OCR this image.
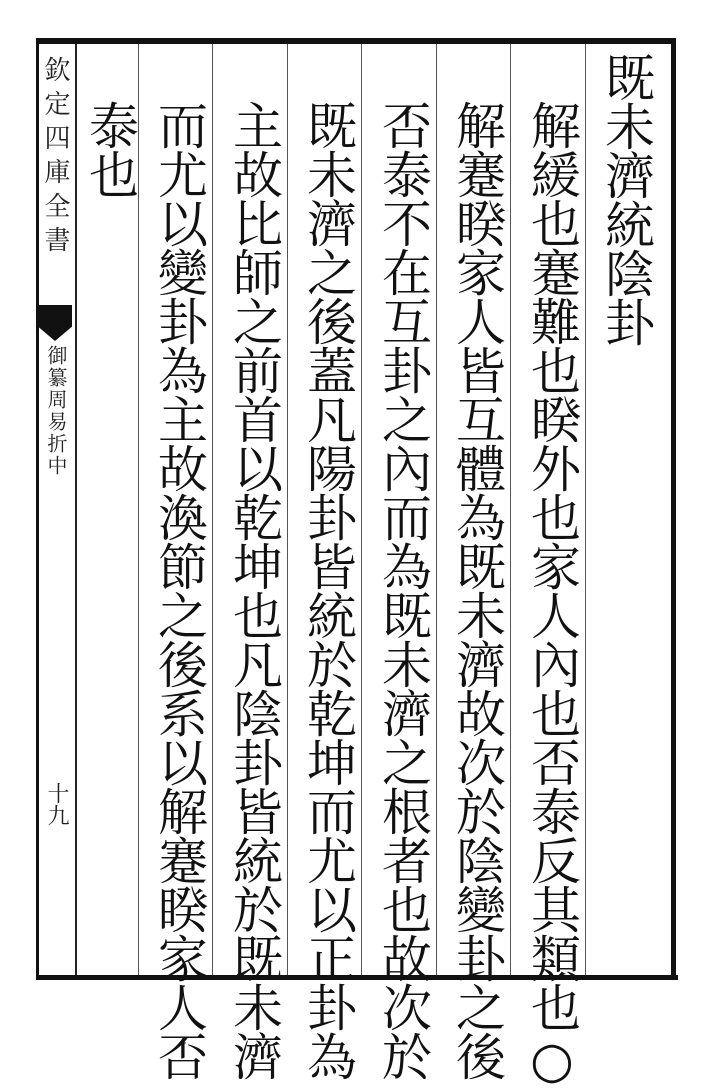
欽定四庫全書
御纂周易折中
十九
既未濟統陰卦
解緩也蹇難也睽外也家人內也否泰反其類也○
解蹇睽家人皆互體為既未濟故次於陰變卦之後
否泰不在互卦之內而為既未濟之根者也故次於
既未濟之後蓋凡陽卦皆統於乾坤而尤以正卦為
主故比師之前首以乾坤也凡陰卦皆統於既未濟
而尤以變卦為主故渙節之後系以解蹇睽家人否
泰也
